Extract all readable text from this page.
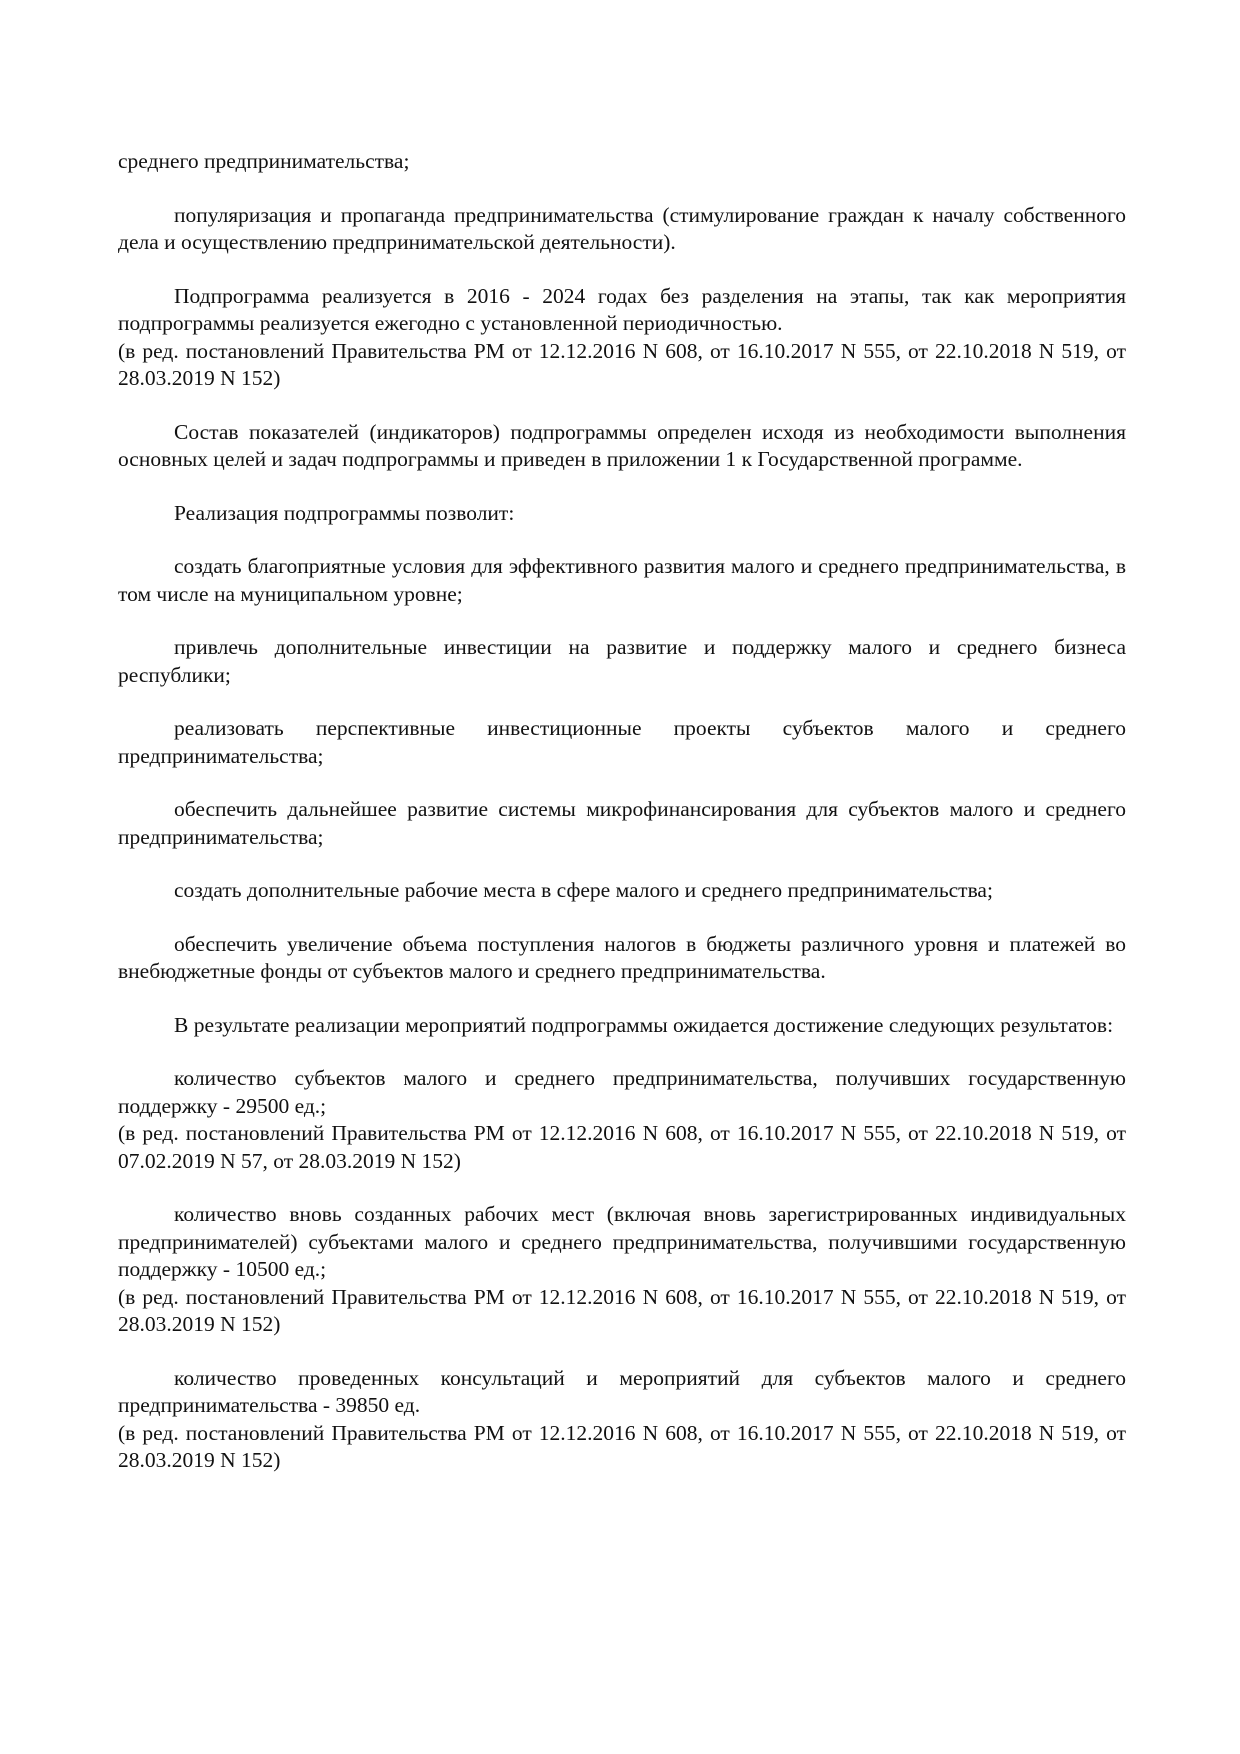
среднего предпринимательства;

популяризация и пропаганда предпринимательства (стимулирование граждан к началу собственного дела и осуществлению предпринимательской деятельности).
Подпрограмма реализуется в 2016 - 2024 годах без разделения на этапы, так как мероприятия подпрограммы реализуется ежегодно с установленной периодичностью.
(в ред. постановлений Правительства РМ от 12.12.2016 N 608, от 16.10.2017 N 555, от 22.10.2018 N 519, от 28.03.2019 N 152)
Состав показателей (индикаторов) подпрограммы определен исходя из необходимости выполнения основных целей и задач подпрограммы и приведен в приложении 1 к Государственной программе.
Реализация подпрограммы позволит:
создать благоприятные условия для эффективного развития малого и среднего предпринимательства, в том числе на муниципальном уровне;
привлечь дополнительные инвестиции на развитие и поддержку малого и среднего бизнеса республики;
реализовать перспективные инвестиционные проекты субъектов малого и среднего предпринимательства;
обеспечить дальнейшее развитие системы микрофинансирования для субъектов малого и среднего предпринимательства;
создать дополнительные рабочие места в сфере малого и среднего предпринимательства;
обеспечить увеличение объема поступления налогов в бюджеты различного уровня и платежей во внебюджетные фонды от субъектов малого и среднего предпринимательства.
В результате реализации мероприятий подпрограммы ожидается достижение следующих результатов:
количество субъектов малого и среднего предпринимательства, получивших государственную поддержку - 29500 ед.;
(в ред. постановлений Правительства РМ от 12.12.2016 N 608, от 16.10.2017 N 555, от 22.10.2018 N 519, от 07.02.2019 N 57, от 28.03.2019 N 152)
количество вновь созданных рабочих мест (включая вновь зарегистрированных индивидуальных предпринимателей) субъектами малого и среднего предпринимательства, получившими государственную поддержку - 10500 ед.;
(в ред. постановлений Правительства РМ от 12.12.2016 N 608, от 16.10.2017 N 555, от 22.10.2018 N 519, от 28.03.2019 N 152)
количество проведенных консультаций и мероприятий для субъектов малого и среднего предпринимательства - 39850 ед.
(в ред. постановлений Правительства РМ от 12.12.2016 N 608, от 16.10.2017 N 555, от 22.10.2018 N 519, от 28.03.2019 N 152)
